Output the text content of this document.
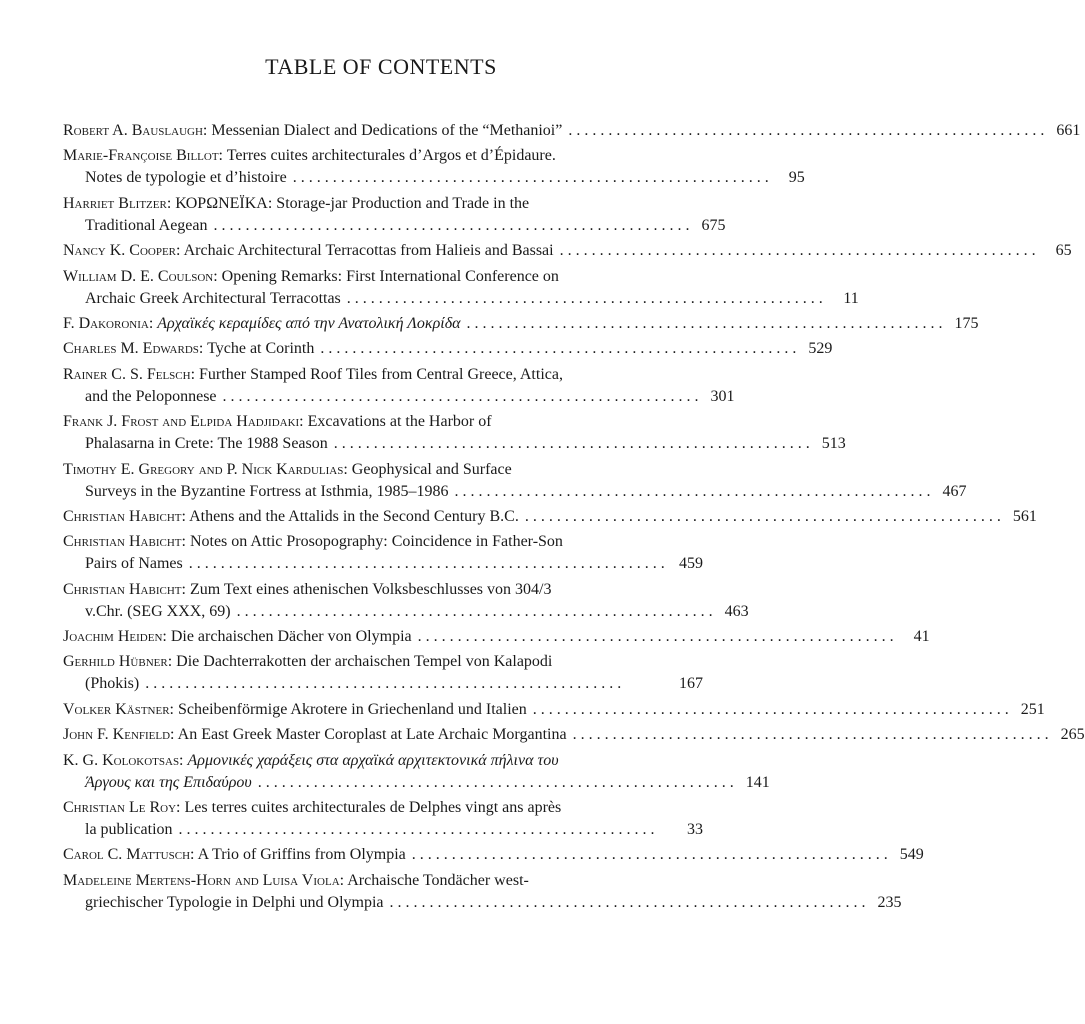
TABLE OF CONTENTS
Robert A. Bauslaugh: Messenian Dialect and Dedications of the “Methanioi” . . . . . . . . . . . . . . . . . . . . . . . . . . . . . . . . . . . . . . . . . . . . . . . . . . . . . . . . . . . . 661
Marie-Françoise Billot: Terres cuites architecturales d’Argos et d’Épidaure.
Notes de typologie et d’histoire . . . . . . . . . . . . . . . . . . . . . . . . . . . . . . . . . . . . . . . . . . . . . . . . . . . . . . . . . . . .	95
Harriet Blitzer: ΚΟΡΩΝΕΪΚΑ: Storage-jar Production and Trade in the
Traditional Aegean . . . . . . . . . . . . . . . . . . . . . . . . . . . . . . . . . . . . . . . . . . . . . . . . . . . . . . . . . . . . 675
Nancy K. Cooper: Archaic Architectural Terracottas from Halieis and Bassai . . . . . . . . . . . . . . . . . . . . . . . . . . . . . . . . . . . . . . . . . . . . . . . . . . . . . . . . . . . .	65
William D. E. Coulson: Opening Remarks: First International Conference on
Archaic Greek Architectural Terracottas . . . . . . . . . . . . . . . . . . . . . . . . . . . . . . . . . . . . . . . . . . . . . . . . . . . . . . . . . . . .	11
F. Dakoronia: Αρχαϊκές κεραμίδες από την Ανατολική Λοκρίδα . . . . . . . . . . . . . . . . . . . . . . . . . . . . . . . . . . . . . . . . . . . . . . . . . . . . . . . . . . . . 175
Charles M. Edwards: Tyche at Corinth . . . . . . . . . . . . . . . . . . . . . . . . . . . . . . . . . . . . . . . . . . . . . . . . . . . . . . . . . . . . 529
Rainer C. S. Felsch: Further Stamped Roof Tiles from Central Greece, Attica,
and the Peloponnese . . . . . . . . . . . . . . . . . . . . . . . . . . . . . . . . . . . . . . . . . . . . . . . . . . . . . . . . . . . . 301
Frank J. Frost and Elpida Hadjidaki: Excavations at the Harbor of
Phalasarna in Crete: The 1988 Season . . . . . . . . . . . . . . . . . . . . . . . . . . . . . . . . . . . . . . . . . . . . . . . . . . . . . . . . . . . . 513
Timothy E. Gregory and P. Nick Kardulias: Geophysical and Surface
Surveys in the Byzantine Fortress at Isthmia, 1985–1986 . . . . . . . . . . . . . . . . . . . . . . . . . . . . . . . . . . . . . . . . . . . . . . . . . . . . . . . . . . . . 467
Christian Habicht: Athens and the Attalids in the Second Century B.C. . . . . . . . . . . . . . . . . . . . . . . . . . . . . . . . . . . . . . . . . . . . . . . . . . . . . . . . . . . . . 561
Christian Habicht: Notes on Attic Prosopography: Coincidence in Father-Son
Pairs of Names . . . . . . . . . . . . . . . . . . . . . . . . . . . . . . . . . . . . . . . . . . . . . . . . . . . . . . . . . . . . 459
Christian Habicht: Zum Text eines athenischen Volksbeschlusses von 304/3
v.Chr. (SEG XXX, 69) . . . . . . . . . . . . . . . . . . . . . . . . . . . . . . . . . . . . . . . . . . . . . . . . . . . . . . . . . . . . 463
Joachim Heiden: Die archaischen Dächer von Olympia . . . . . . . . . . . . . . . . . . . . . . . . . . . . . . . . . . . . . . . . . . . . . . . . . . . . . . . . . . . .	41
Gerhild Hübner: Die Dachterrakotten der archaischen Tempel von Kalapodi
(Phokis) . . . . . . . . . . . . . . . . . . . . . . . . . . . . . . . . . . . . . . . . . . . . . . . . . . . . . . . . . . . .	167
Volker Kästner: Scheibenförmige Akrotere in Griechenland und Italien . . . . . . . . . . . . . . . . . . . . . . . . . . . . . . . . . . . . . . . . . . . . . . . . . . . . . . . . . . . . 251
John F. Kenfield: An East Greek Master Coroplast at Late Archaic Morgantina . . . . . . . . . . . . . . . . . . . . . . . . . . . . . . . . . . . . . . . . . . . . . . . . . . . . . . . . . . . . 265
K. G. Kolokotsas: Αρμονικές χαράξεις στα αρχαϊκά αρχιτεκτονικά πήλινα του
Άργους και της Επιδαύρου . . . . . . . . . . . . . . . . . . . . . . . . . . . . . . . . . . . . . . . . . . . . . . . . . . . . . . . . . . . . 141
Christian Le Roy: Les terres cuites architecturales de Delphes vingt ans après
la publication . . . . . . . . . . . . . . . . . . . . . . . . . . . . . . . . . . . . . . . . . . . . . . . . . . . . . . . . . . . .	33
Carol C. Mattusch: A Trio of Griffins from Olympia . . . . . . . . . . . . . . . . . . . . . . . . . . . . . . . . . . . . . . . . . . . . . . . . . . . . . . . . . . . . 549
Madeleine Mertens-Horn and Luisa Viola: Archaische Tondächer west-
griechischer Typologie in Delphi und Olympia . . . . . . . . . . . . . . . . . . . . . . . . . . . . . . . . . . . . . . . . . . . . . . . . . . . . . . . . . . . . 235
